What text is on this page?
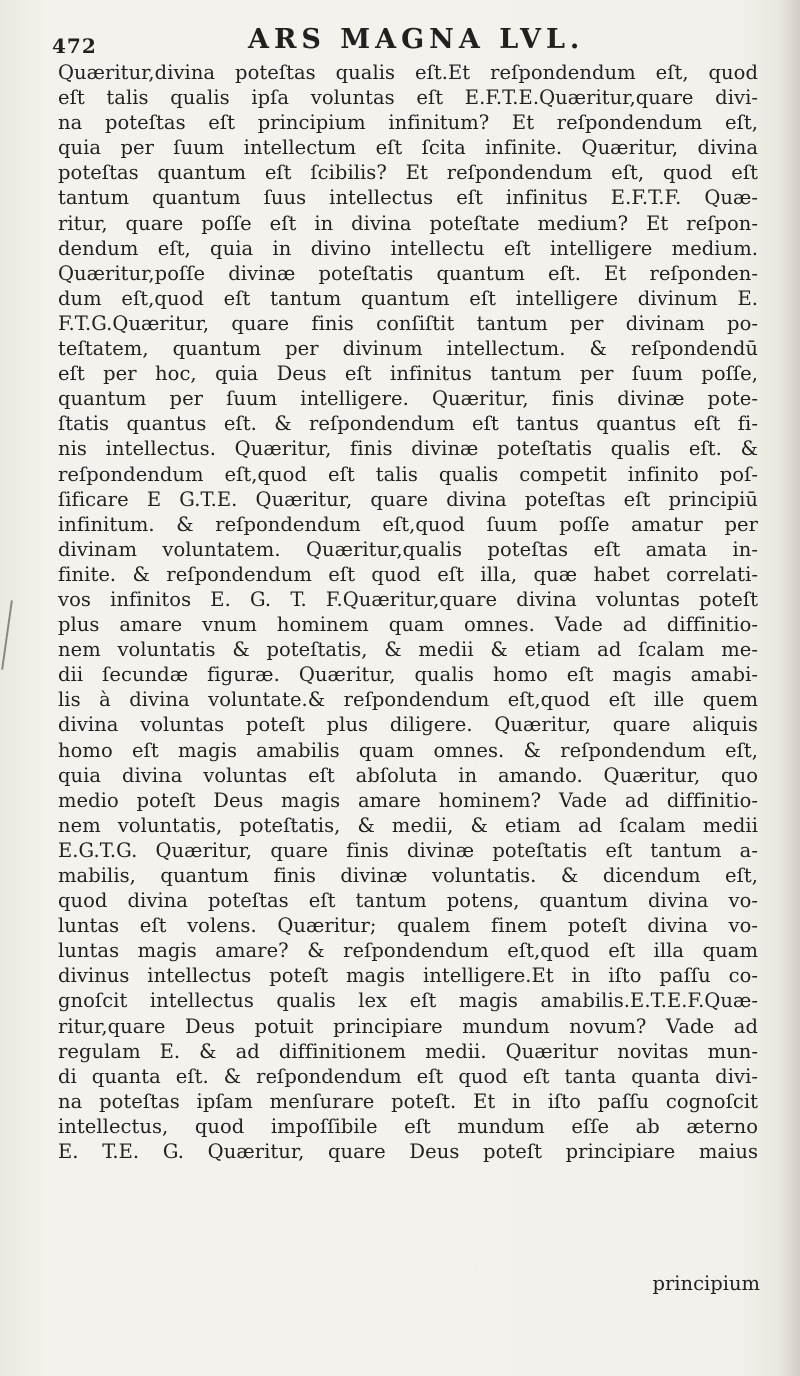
472	ARS MAGNA LVL.
Quæritur,divina poteſtas qualis eſt.Et reſpondendum eſt, quod
eſt talis qualis ipſa voluntas eſt E.F.T.E.Quæritur,quare divi-
na poteſtas eſt principium infinitum? Et reſpondendum eſt,
quia per ſuum intellectum eſt ſcita infinite. Quæritur, divina
poteſtas quantum eſt ſcibilis? Et reſpondendum eſt, quod eſt
tantum quantum ſuus intellectus eſt infinitus E.F.T.F. Quæ-
ritur, quare poſſe eſt in divina poteſtate medium? Et reſpon-
dendum eſt, quia in divino intellectu eſt intelligere medium.
Quæritur,poſſe divinæ poteſtatis quantum eſt. Et reſponden-
dum eſt,quod eſt tantum quantum eſt intelligere divinum E.
F.T.G.Quæritur, quare finis conſiſtit tantum per divinam po-
teſtatem, quantum per divinum intellectum. & reſpondendū
eſt per hoc, quia Deus eſt infinitus tantum per ſuum poſſe,
quantum per ſuum intelligere. Quæritur, finis divinæ pote-
ſtatis quantus eſt. & reſpondendum eſt tantus quantus eſt fi-
nis intellectus. Quæritur, finis divinæ poteſtatis qualis eſt. &
reſpondendum eſt,quod eſt talis qualis competit infinito poſ-
ſificare E G.T.E. Quæritur, quare divina poteſtas eſt principiū
infinitum. & reſpondendum eſt,quod ſuum poſſe amatur per
divinam voluntatem. Quæritur,qualis poteſtas eſt amata in-
finite. & reſpondendum eſt quod eſt illa, quæ habet correlati-
vos infinitos E. G. T. F.Quæritur,quare divina voluntas poteſt
plus amare vnum hominem quam omnes. Vade ad diffinitio-
nem voluntatis & poteſtatis, & medii & etiam ad ſcalam me-
dii ſecundæ figuræ. Quæritur, qualis homo eſt magis amabi-
lis à divina voluntate.& reſpondendum eſt,quod eſt ille quem
divina voluntas poteſt plus diligere. Quæritur, quare aliquis
homo eſt magis amabilis quam omnes. & reſpondendum eſt,
quia divina voluntas eſt abſoluta in amando. Quæritur, quo
medio poteſt Deus magis amare hominem? Vade ad diffinitio-
nem voluntatis, poteſtatis, & medii, & etiam ad ſcalam medii
E.G.T.G. Quæritur, quare finis divinæ poteſtatis eſt tantum a-
mabilis, quantum finis divinæ voluntatis. & dicendum eſt,
quod divina poteſtas eſt tantum potens, quantum divina vo-
luntas eſt volens. Quæritur; qualem finem poteſt divina vo-
luntas magis amare? & reſpondendum eſt,quod eſt illa quam
divinus intellectus poteſt magis intelligere.Et in iſto paſſu co-
gnoſcit intellectus qualis lex eſt magis amabilis.E.T.E.F.Quæ-
ritur,quare Deus potuit principiare mundum novum? Vade ad
regulam E. & ad diffinitionem medii. Quæritur novitas mun-
di quanta eſt. & reſpondendum eſt quod eſt tanta quanta divi-
na poteſtas ipſam menſurare poteſt. Et in iſto paſſu cognoſcit
intellectus, quod impoſſibile eſt mundum eſſe ab æterno
E. T.E. G. Quæritur, quare Deus poteſt principiare maius
principium
